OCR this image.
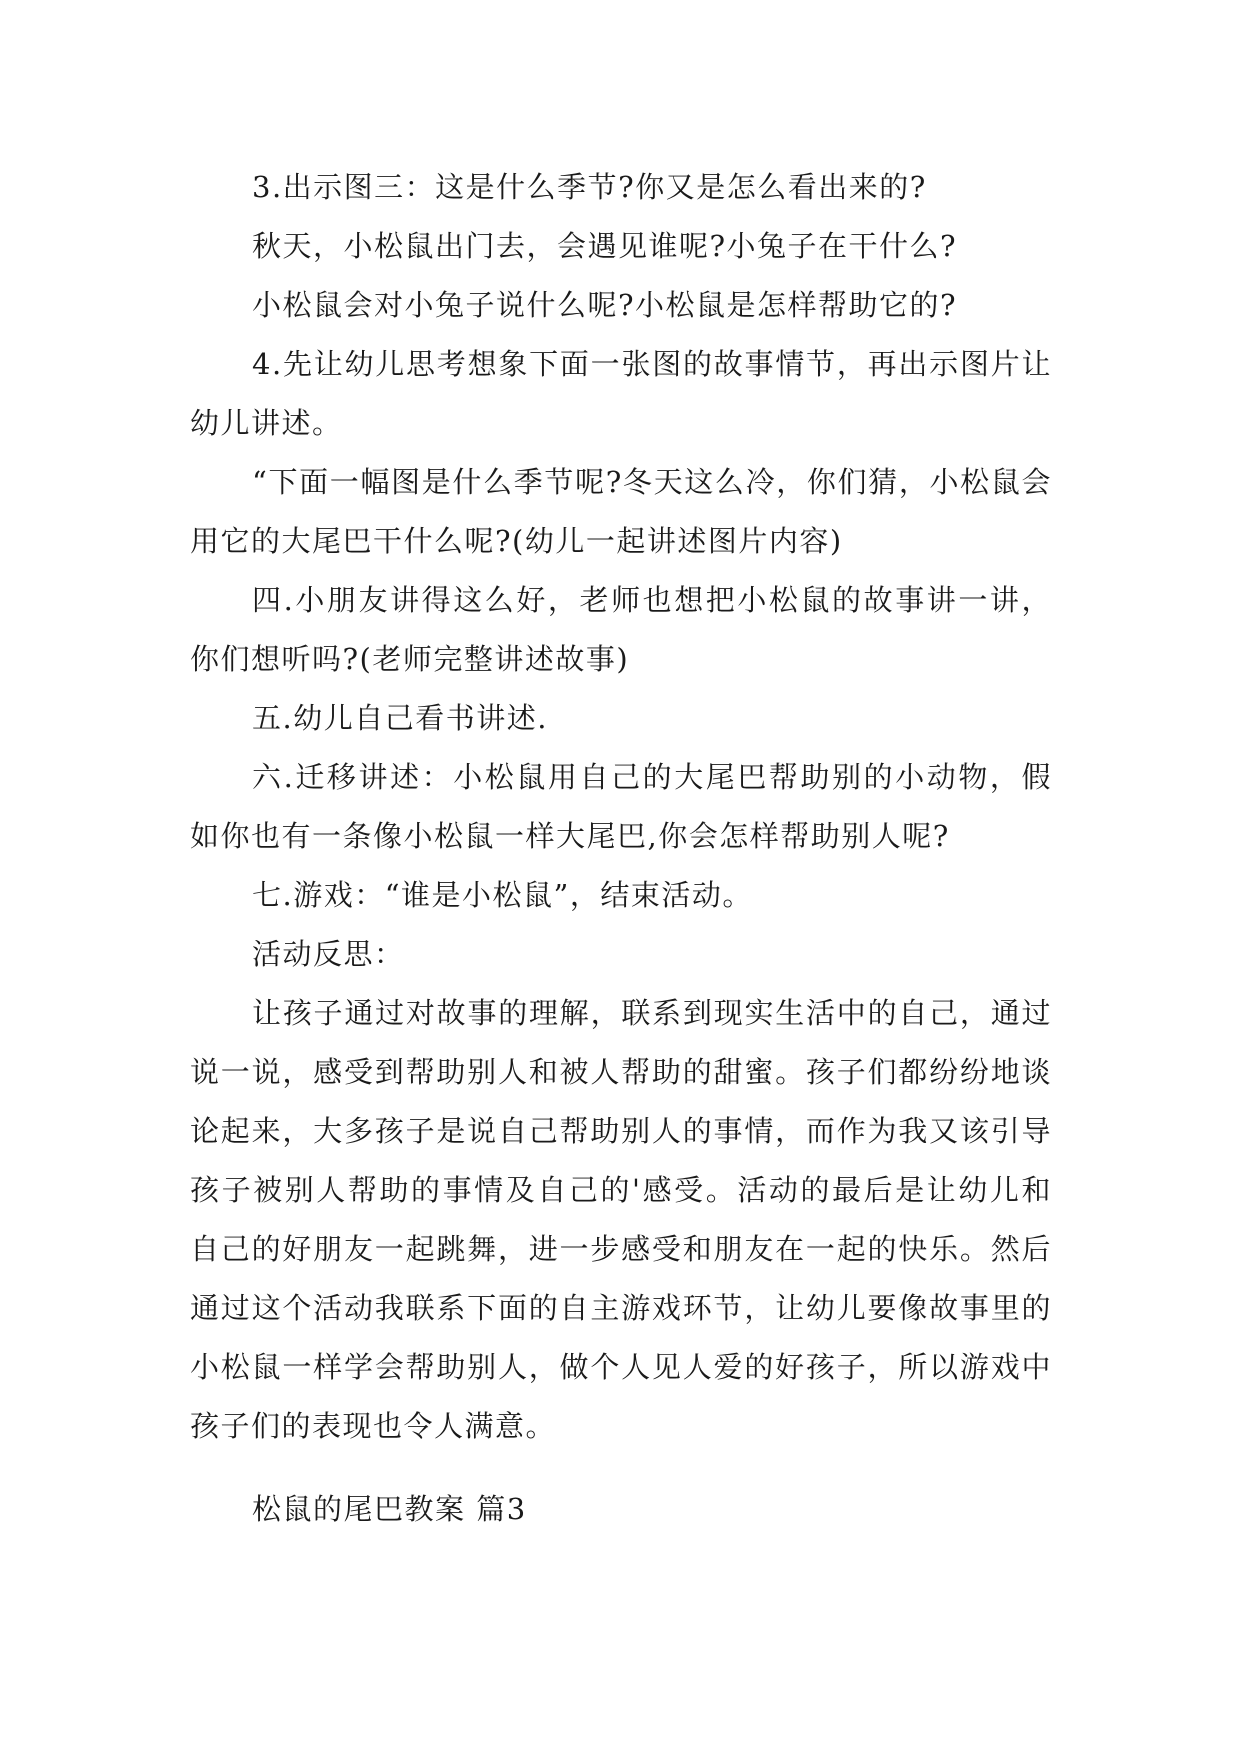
3.出示图三：这是什么季节?你又是怎么看出来的?

秋天，小松鼠出门去，会遇见谁呢?小兔子在干什么?

小松鼠会对小兔子说什么呢?小松鼠是怎样帮助它的?

4.先让幼儿思考想象下面一张图的故事情节，再出示图片让幼儿讲述。

“下面一幅图是什么季节呢?冬天这么冷，你们猜，小松鼠会用它的大尾巴干什么呢?(幼儿一起讲述图片内容)

四.小朋友讲得这么好，老师也想把小松鼠的故事讲一讲，你们想听吗?(老师完整讲述故事)

五.幼儿自己看书讲述.

六.迁移讲述：小松鼠用自己的大尾巴帮助别的小动物，假如你也有一条像小松鼠一样大尾巴,你会怎样帮助别人呢?

七.游戏：“谁是小松鼠”，结束活动。

活动反思：

让孩子通过对故事的理解，联系到现实生活中的自己，通过说一说，感受到帮助别人和被人帮助的甜蜜。孩子们都纷纷地谈论起来，大多孩子是说自己帮助别人的事情，而作为我又该引导孩子被别人帮助的事情及自己的'感受。活动的最后是让幼儿和自己的好朋友一起跳舞，进一步感受和朋友在一起的快乐。然后通过这个活动我联系下面的自主游戏环节，让幼儿要像故事里的小松鼠一样学会帮助别人，做个人见人爱的好孩子，所以游戏中孩子们的表现也令人满意。

松鼠的尾巴教案 篇3
